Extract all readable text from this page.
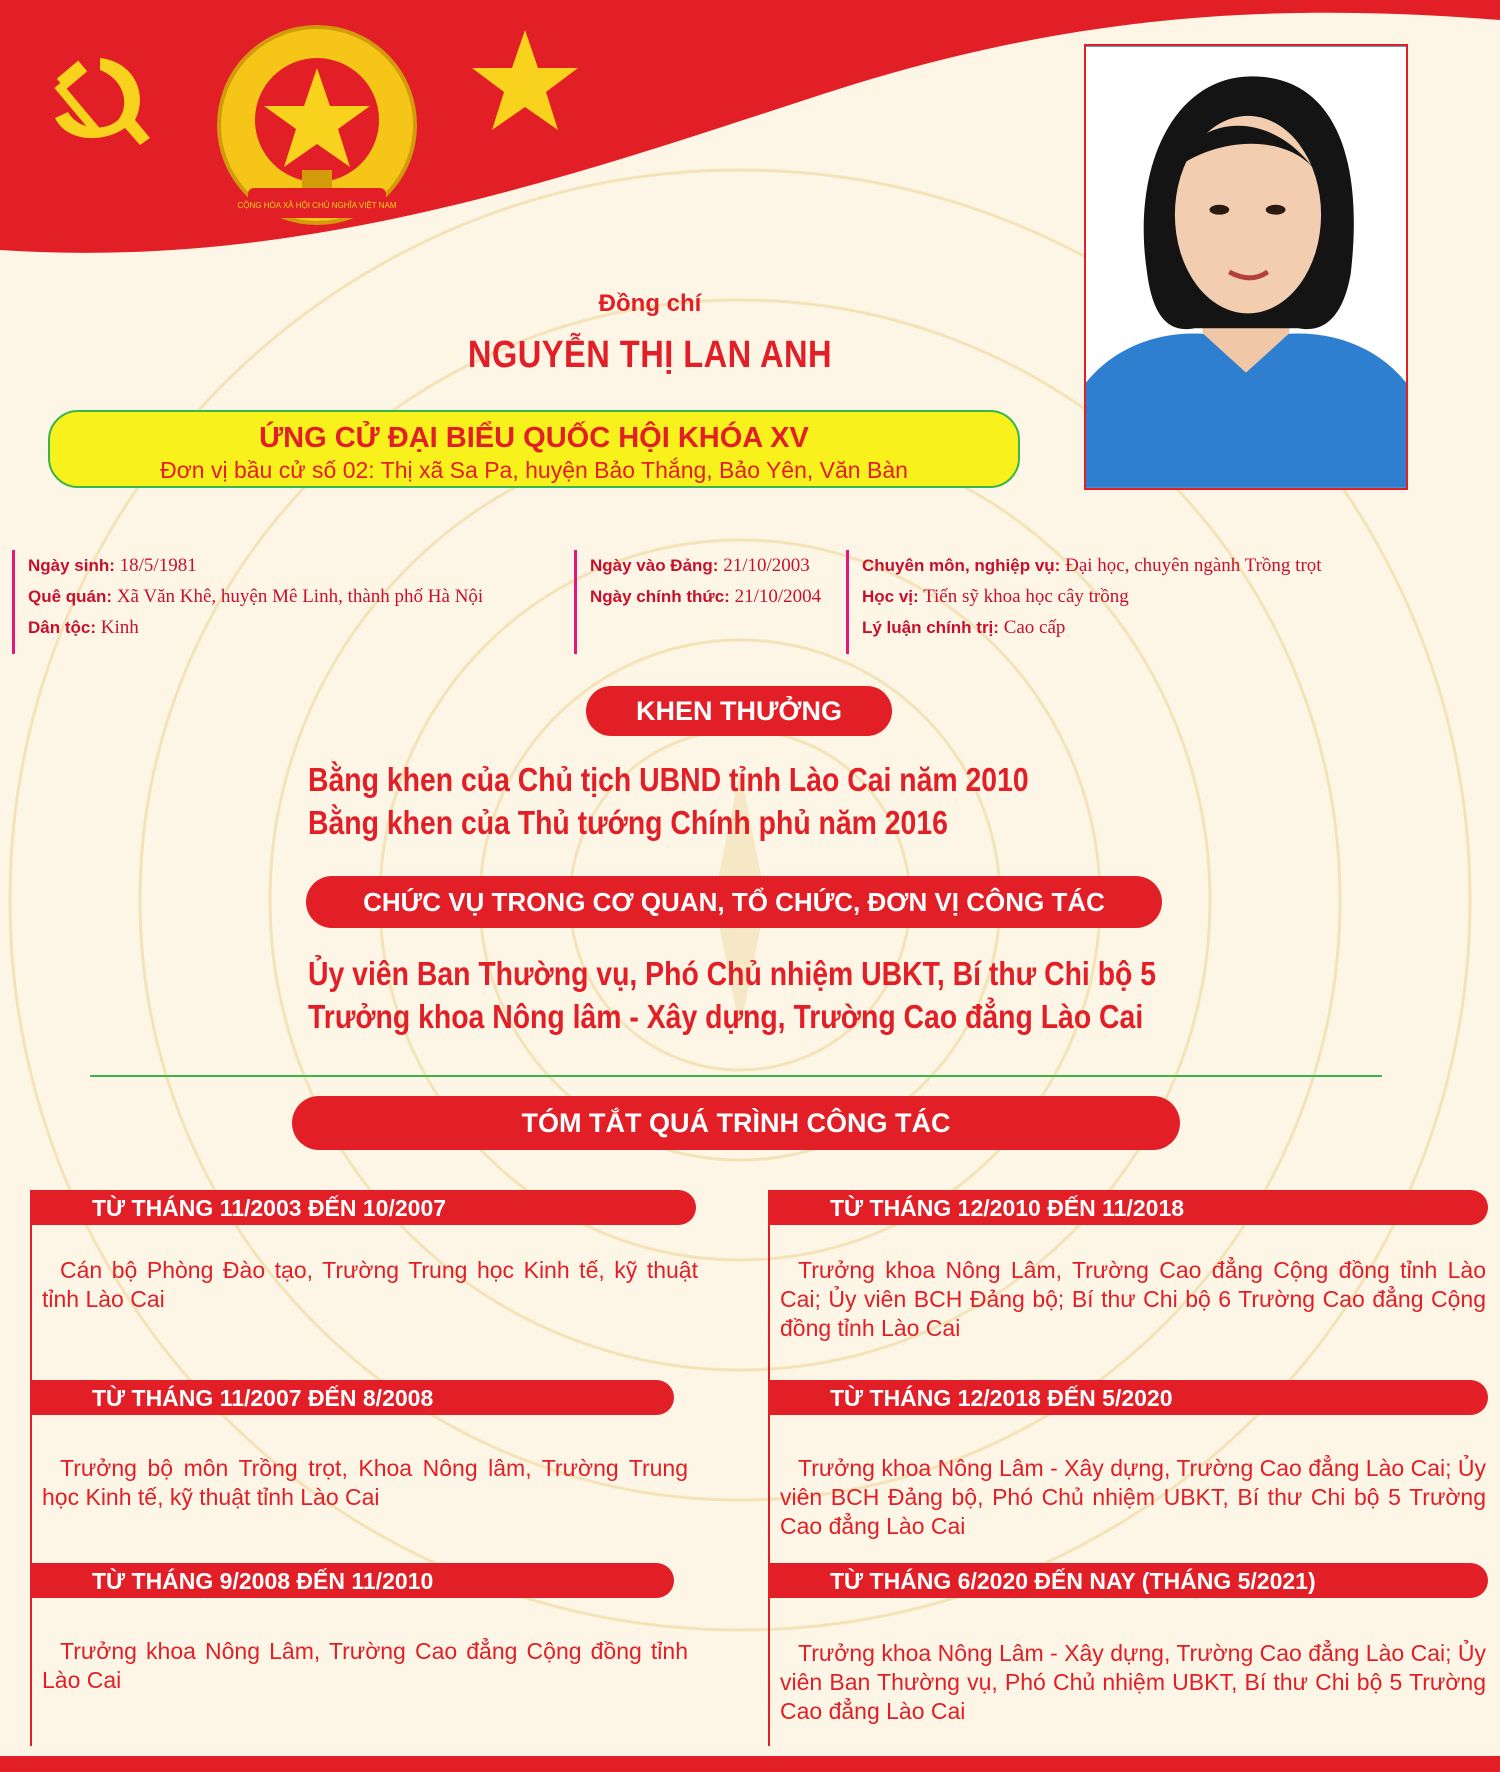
CỘNG HÒA XÃ HỘI CHỦ NGHĨA VIỆT NAM
Đồng chí
NGUYỄN THỊ LAN ANH
ỨNG CỬ ĐẠI BIỂU QUỐC HỘI KHÓA XV
Đơn vị bầu cử số 02: Thị xã Sa Pa, huyện Bảo Thắng, Bảo Yên, Văn Bàn
Ngày sinh: 18/5/1981
Quê quán: Xã Văn Khê, huyện Mê Linh, thành phố Hà Nội
Dân tộc: Kinh
Ngày vào Đảng: 21/10/2003
Ngày chính thức: 21/10/2004
Chuyên môn, nghiệp vụ: Đại học, chuyên ngành Trồng trọt
Học vị: Tiến sỹ khoa học cây trồng
Lý luận chính trị: Cao cấp
KHEN THƯỞNG
Bằng khen của Chủ tịch UBND tỉnh Lào Cai năm 2010
Bằng khen của Thủ tướng Chính phủ năm 2016
CHỨC VỤ TRONG CƠ QUAN, TỔ CHỨC, ĐƠN VỊ CÔNG TÁC
Ủy viên Ban Thường vụ, Phó Chủ nhiệm UBKT, Bí thư Chi bộ 5
Trưởng khoa Nông lâm - Xây dựng, Trường Cao đẳng Lào Cai
TÓM TẮT QUÁ TRÌNH CÔNG TÁC
TỪ THÁNG 11/2003 ĐẾN 10/2007
Cán bộ Phòng Đào tạo, Trường Trung học Kinh tế, kỹ thuật tỉnh Lào Cai
TỪ THÁNG 11/2007 ĐẾN 8/2008
Trưởng bộ môn Trồng trọt, Khoa Nông lâm, Trường Trung học Kinh tế, kỹ thuật tỉnh Lào Cai
TỪ THÁNG 9/2008 ĐẾN 11/2010
Trưởng khoa Nông Lâm, Trường Cao đẳng Cộng đồng tỉnh Lào Cai
TỪ THÁNG 12/2010 ĐẾN 11/2018
Trưởng khoa Nông Lâm, Trường Cao đẳng Cộng đồng tỉnh Lào Cai; Ủy viên BCH Đảng bộ; Bí thư Chi bộ 6 Trường Cao đẳng Cộng đồng tỉnh Lào Cai
TỪ THÁNG 12/2018 ĐẾN 5/2020
Trưởng khoa Nông Lâm - Xây dựng, Trường Cao đẳng Lào Cai; Ủy viên BCH Đảng bộ, Phó Chủ nhiệm UBKT, Bí thư Chi bộ 5 Trường Cao đẳng Lào Cai
TỪ THÁNG 6/2020 ĐẾN NAY (THÁNG 5/2021)
Trưởng khoa Nông Lâm - Xây dựng, Trường Cao đẳng Lào Cai; Ủy viên Ban Thường vụ, Phó Chủ nhiệm UBKT, Bí thư Chi bộ 5 Trường Cao đẳng Lào Cai
